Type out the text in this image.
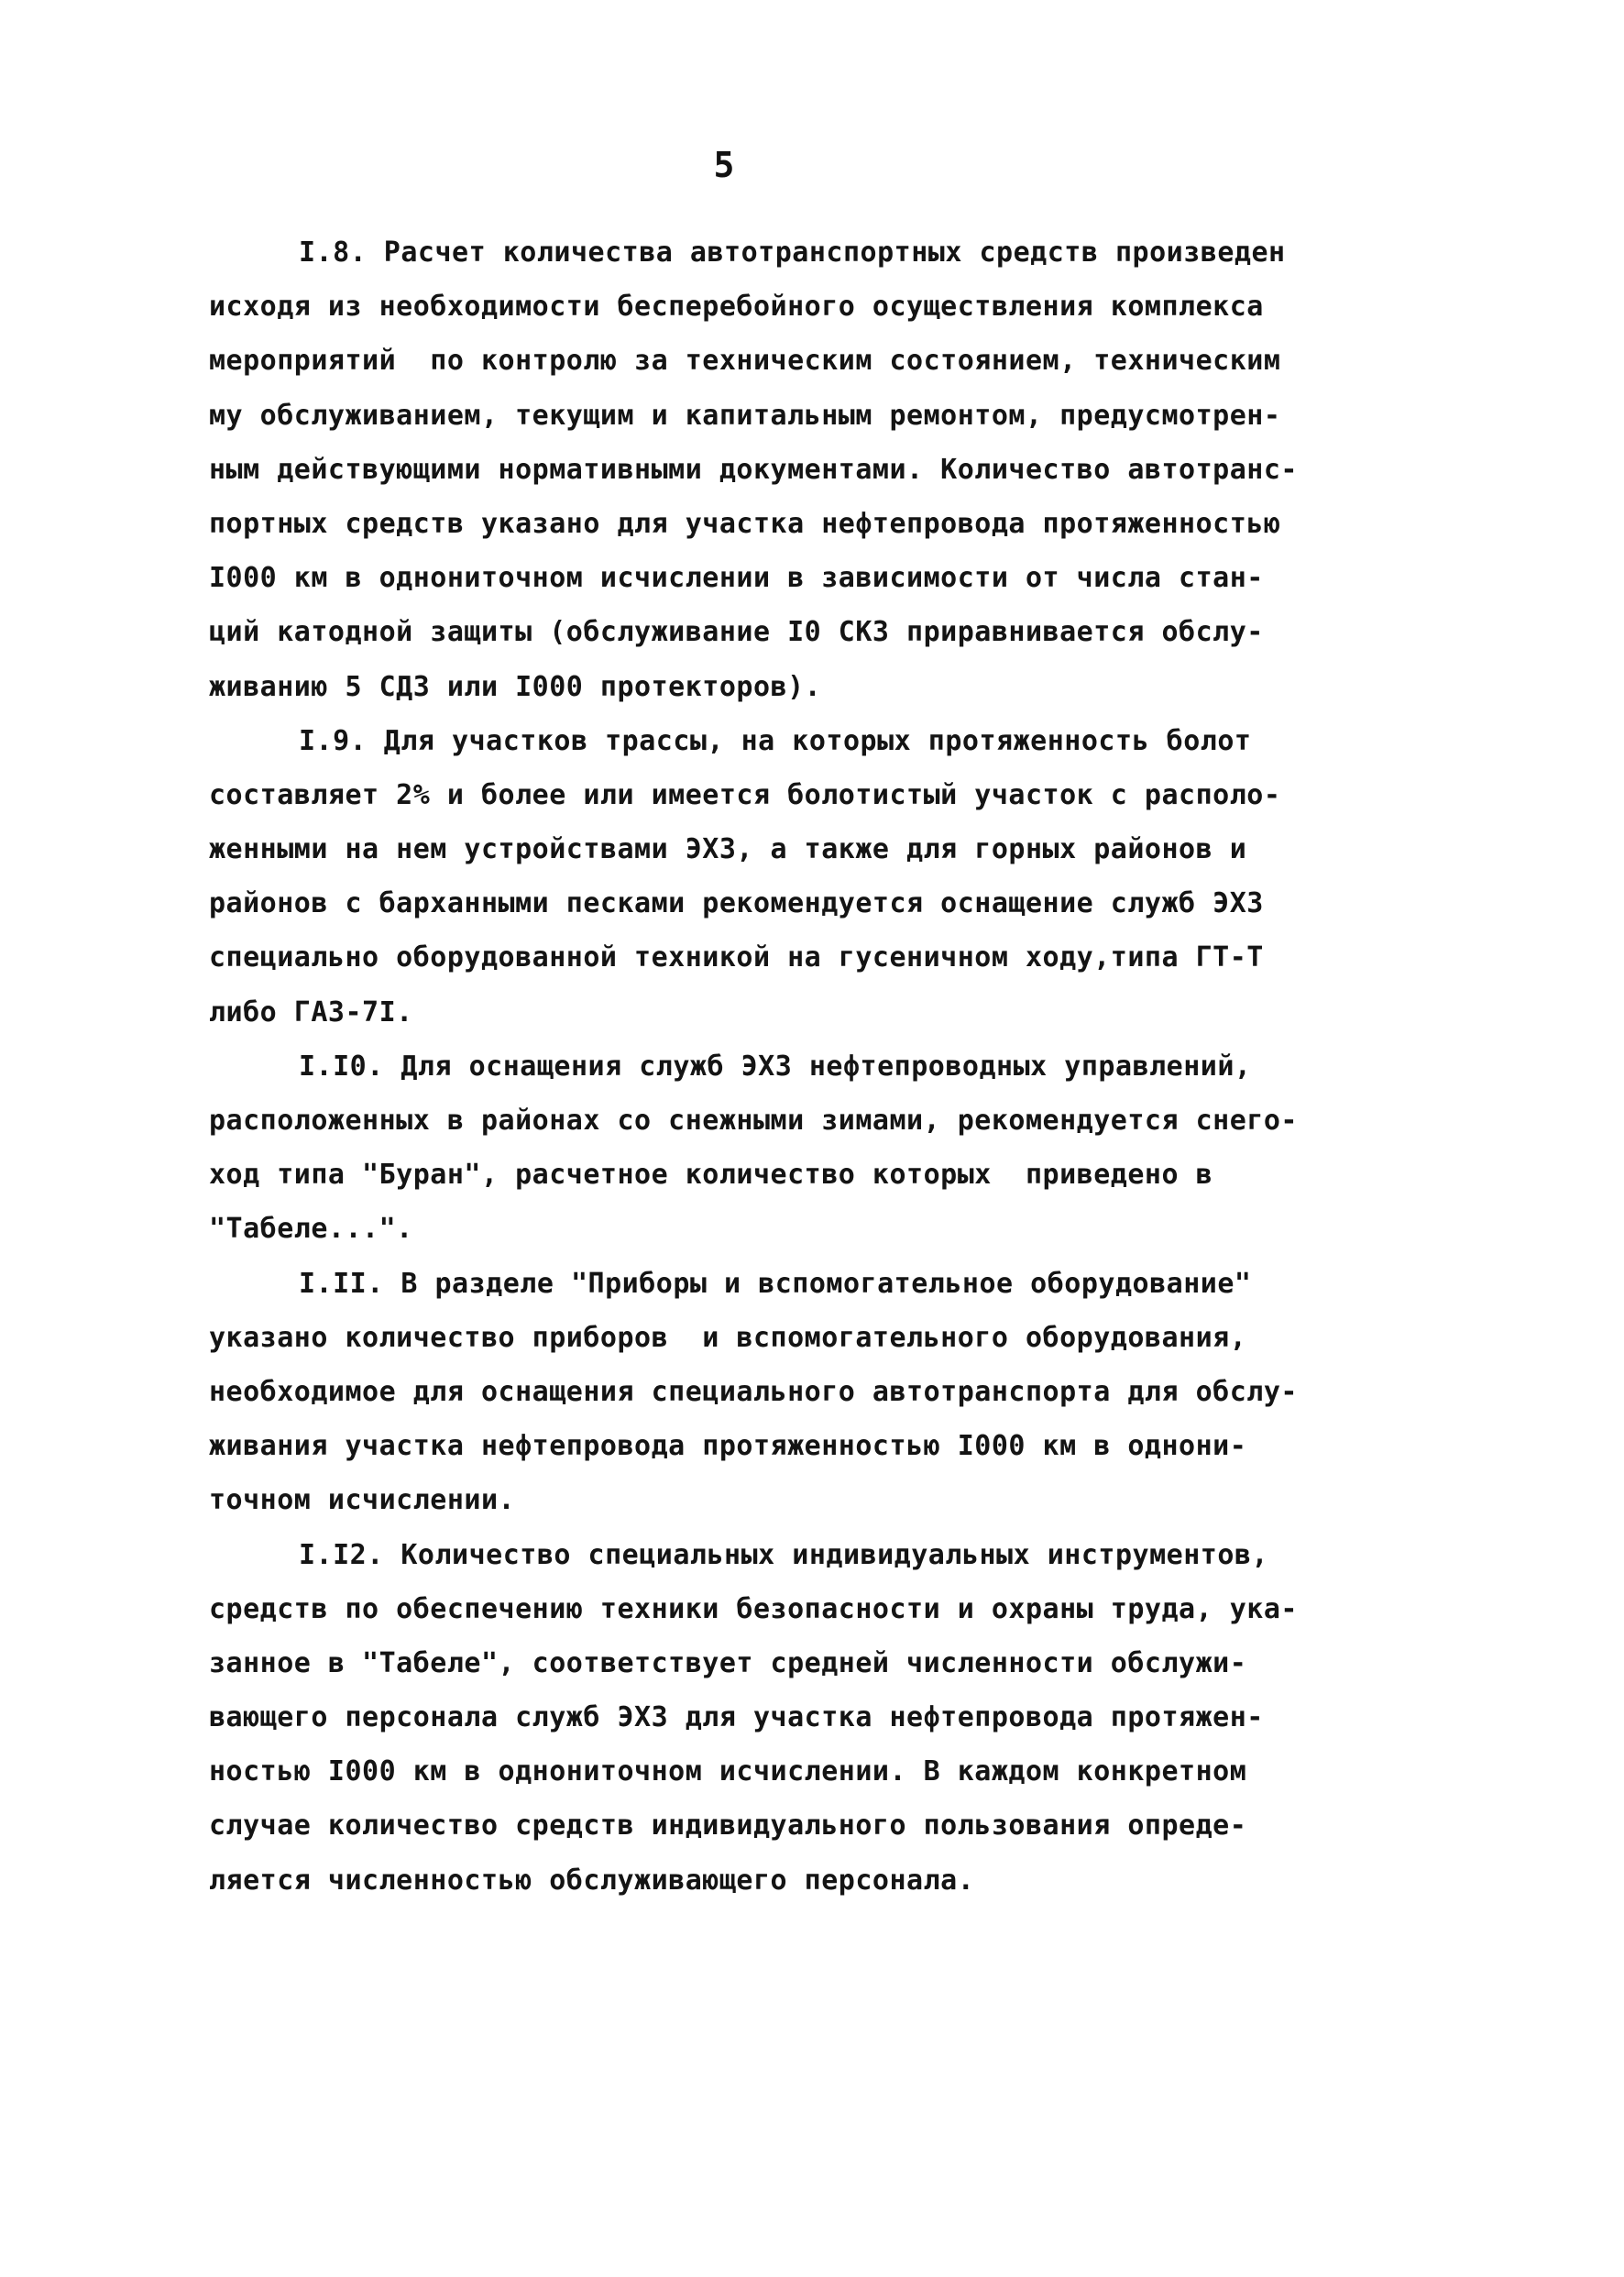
5
I.8. Расчет количества автотранспортных средств произведен
исходя из необходимости бесперебойного осуществления комплекса
мероприятий  по контролю за техническим состоянием, техническим
му обслуживанием, текущим и капитальным ремонтом, предусмотрен-
ным действующими нормативными документами. Количество автотранс-
портных средств указано для участка нефтепровода протяженностью
I000 км в однониточном исчислении в зависимости от числа стан-
ций катодной защиты (обслуживание I0 СКЗ приравнивается обслу-
живанию 5 СДЗ или I000 протекторов).
I.9. Для участков трассы, на которых протяженность болот
составляет 2% и более или имеется болотистый участок с располо-
женными на нем устройствами ЭХЗ, а также для горных районов и
районов с барханными песками рекомендуется оснащение служб ЭХЗ
специально оборудованной техникой на гусеничном ходу,типа ГТ-Т
либо ГАЗ-7I.
I.I0. Для оснащения служб ЭХЗ нефтепроводных управлений,
расположенных в районах со снежными зимами, рекомендуется снего-
ход типа "Буран", расчетное количество которых  приведено в
"Табеле...".
I.II. В разделе "Приборы и вспомогательное оборудование"
указано количество приборов  и вспомогательного оборудования,
необходимое для оснащения специального автотранспорта для обслу-
живания участка нефтепровода протяженностью I000 км в однони-
точном исчислении.
I.I2. Количество специальных индивидуальных инструментов,
средств по обеспечению техники безопасности и охраны труда, ука-
занное в "Табеле", соответствует средней численности обслужи-
вающего персонала служб ЭХЗ для участка нефтепровода протяжен-
ностью I000 км в однониточном исчислении. В каждом конкретном
случае количество средств индивидуального пользования опреде-
ляется численностью обслуживающего персонала.
